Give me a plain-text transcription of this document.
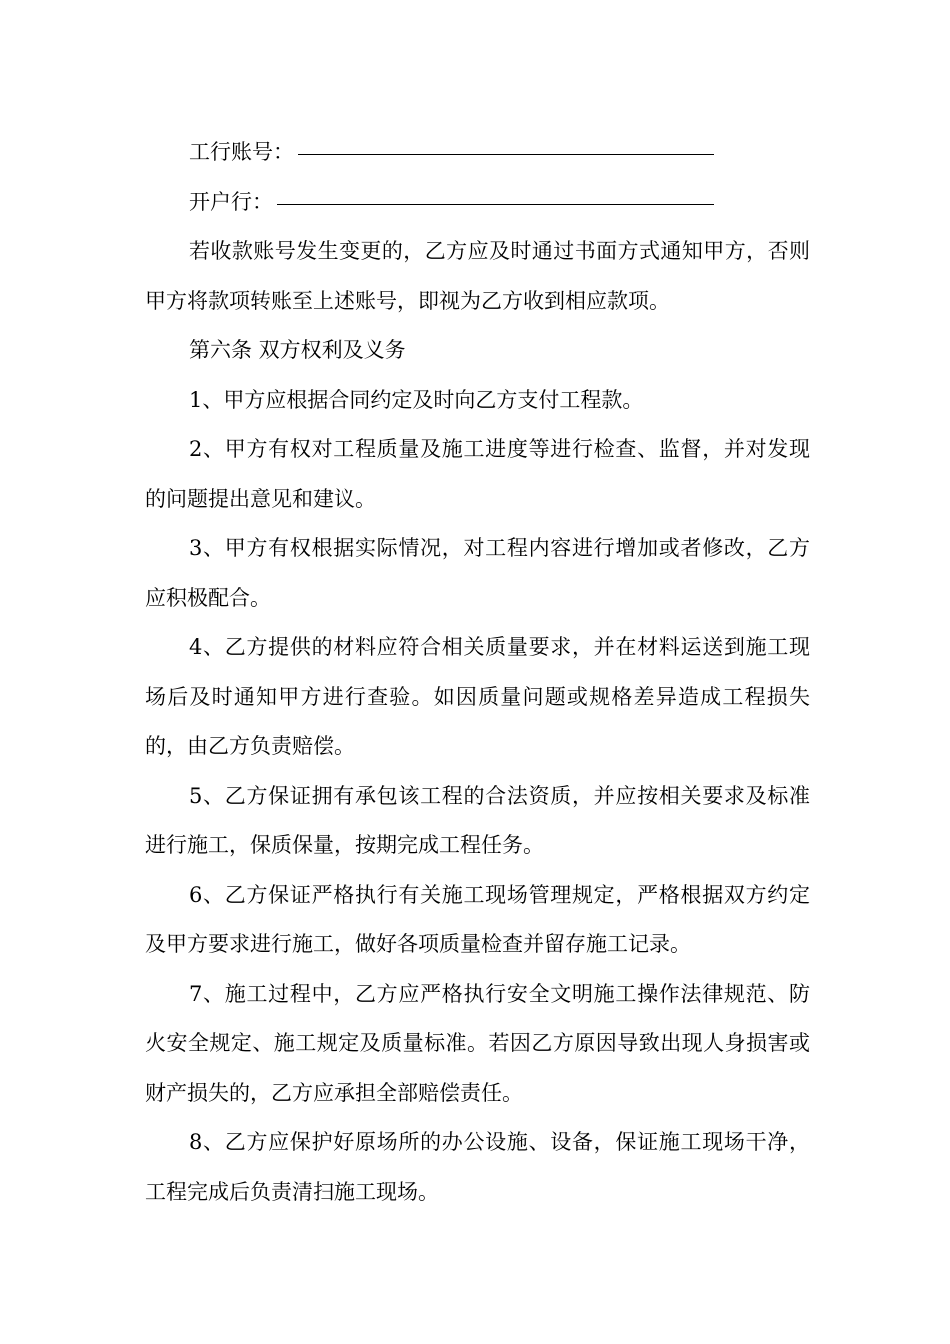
工行账号：
开户行：

若收款账号发生变更的，乙方应及时通过书面方式通知甲方，否则甲方将款项转账至上述账号，即视为乙方收到相应款项。

第六条 双方权利及义务

1、甲方应根据合同约定及时向乙方支付工程款。

2、甲方有权对工程质量及施工进度等进行检查、监督，并对发现的问题提出意见和建议。

3、甲方有权根据实际情况，对工程内容进行增加或者修改，乙方应积极配合。

4、乙方提供的材料应符合相关质量要求，并在材料运送到施工现场后及时通知甲方进行查验。如因质量问题或规格差异造成工程损失的，由乙方负责赔偿。

5、乙方保证拥有承包该工程的合法资质，并应按相关要求及标准进行施工，保质保量，按期完成工程任务。

6、乙方保证严格执行有关施工现场管理规定，严格根据双方约定及甲方要求进行施工，做好各项质量检查并留存施工记录。

7、施工过程中，乙方应严格执行安全文明施工操作法律规范、防火安全规定、施工规定及质量标准。若因乙方原因导致出现人身损害或财产损失的，乙方应承担全部赔偿责任。

8、乙方应保护好原场所的办公设施、设备，保证施工现场干净，工程完成后负责清扫施工现场。
